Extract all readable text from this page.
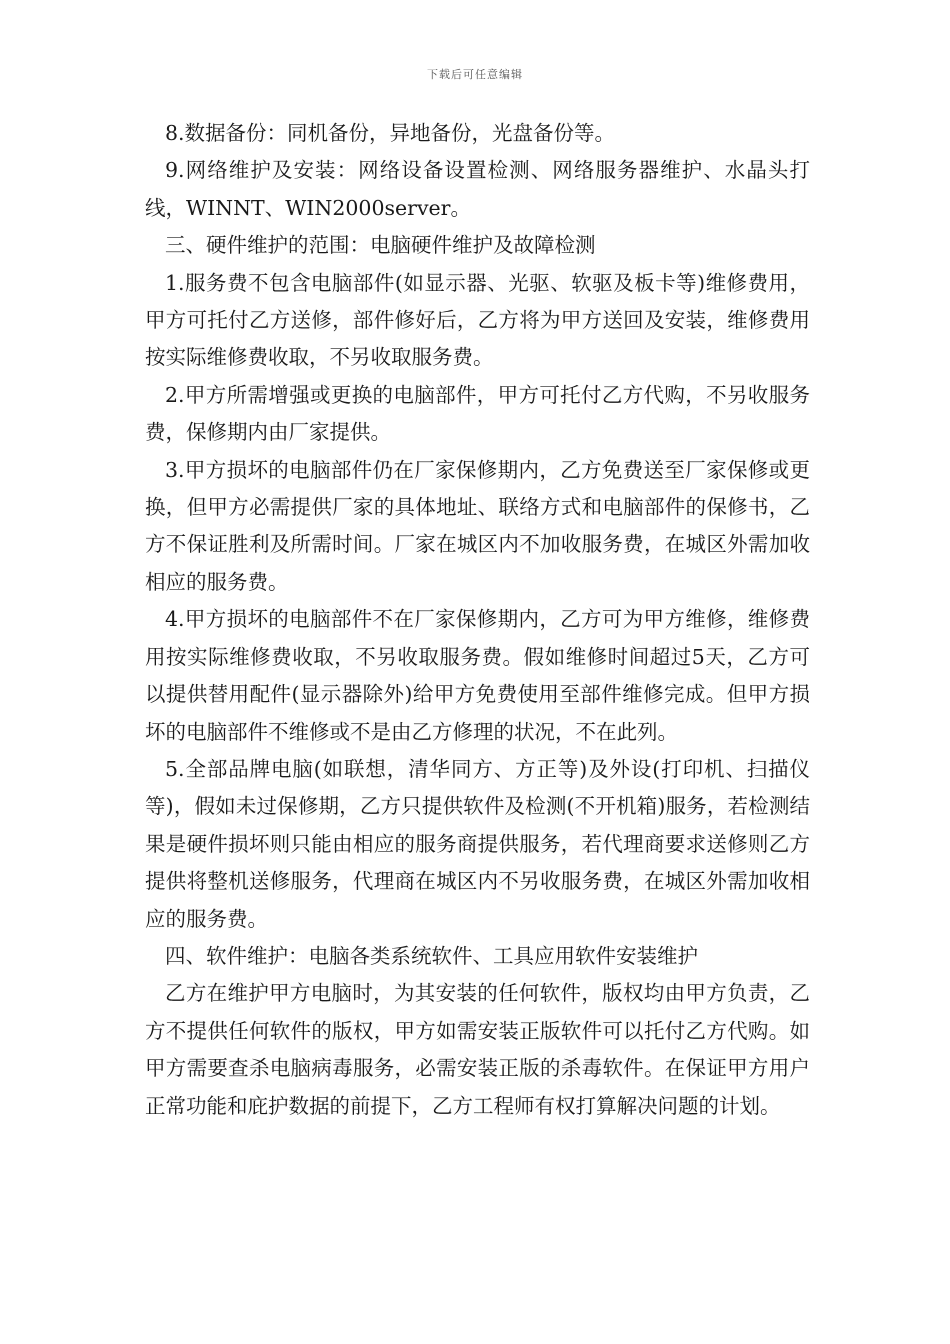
下载后可任意编辑

8.数据备份：同机备份，异地备份，光盘备份等。

9.网络维护及安装：网络设备设置检测、网络服务器维护、水晶头打线，WINNT、WIN2000server。

三、硬件维护的范围：电脑硬件维护及故障检测

1.服务费不包含电脑部件(如显示器、光驱、软驱及板卡等)维修费用，甲方可托付乙方送修，部件修好后，乙方将为甲方送回及安装，维修费用按实际维修费收取，不另收取服务费。

2.甲方所需增强或更换的电脑部件，甲方可托付乙方代购，不另收服务费，保修期内由厂家提供。

3.甲方损坏的电脑部件仍在厂家保修期内，乙方免费送至厂家保修或更换，但甲方必需提供厂家的具体地址、联络方式和电脑部件的保修书，乙方不保证胜利及所需时间。厂家在城区内不加收服务费，在城区外需加收相应的服务费。

4.甲方损坏的电脑部件不在厂家保修期内，乙方可为甲方维修，维修费用按实际维修费收取，不另收取服务费。假如维修时间超过5天，乙方可以提供替用配件(显示器除外)给甲方免费使用至部件维修完成。但甲方损坏的电脑部件不维修或不是由乙方修理的状况，不在此列。

5.全部品牌电脑(如联想，清华同方、方正等)及外设(打印机、扫描仪等)，假如未过保修期，乙方只提供软件及检测(不开机箱)服务，若检测结果是硬件损坏则只能由相应的服务商提供服务，若代理商要求送修则乙方提供将整机送修服务，代理商在城区内不另收服务费，在城区外需加收相应的服务费。

四、软件维护：电脑各类系统软件、工具应用软件安装维护

乙方在维护甲方电脑时，为其安装的任何软件，版权均由甲方负责，乙方不提供任何软件的版权，甲方如需安装正版软件可以托付乙方代购。如甲方需要查杀电脑病毒服务，必需安装正版的杀毒软件。在保证甲方用户正常功能和庇护数据的前提下，乙方工程师有权打算解决问题的计划。
